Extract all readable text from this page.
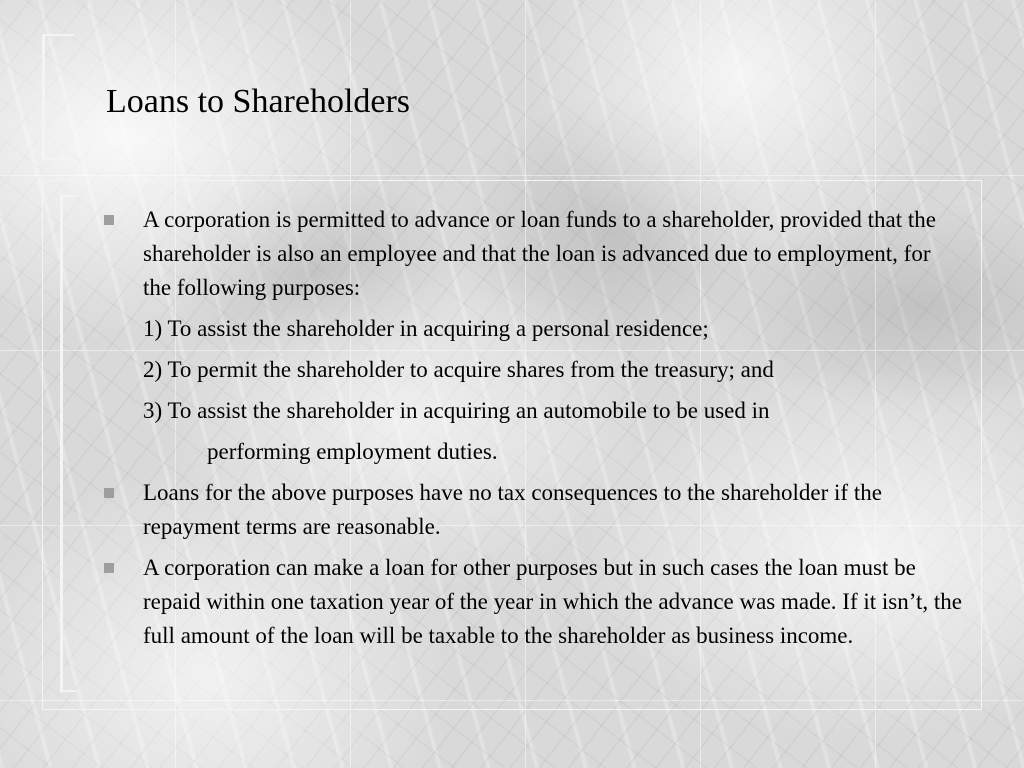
Loans to Shareholders
A corporation is permitted to advance or loan funds to a shareholder, provided that the shareholder is also an employee and that the loan is advanced due to employment, for the following purposes:
1) To assist the shareholder in acquiring a personal residence;
2) To permit the shareholder to acquire shares from the treasury; and
3) To assist the shareholder in acquiring an automobile to be used in
performing employment duties.
Loans for the above purposes have no tax consequences to the shareholder if the repayment terms are reasonable.
A corporation can make a loan for other purposes but in such cases the loan must be repaid within one taxation year of the year in which the advance was made. If it isn’t, the full amount of the loan will be taxable to the shareholder as business income.
